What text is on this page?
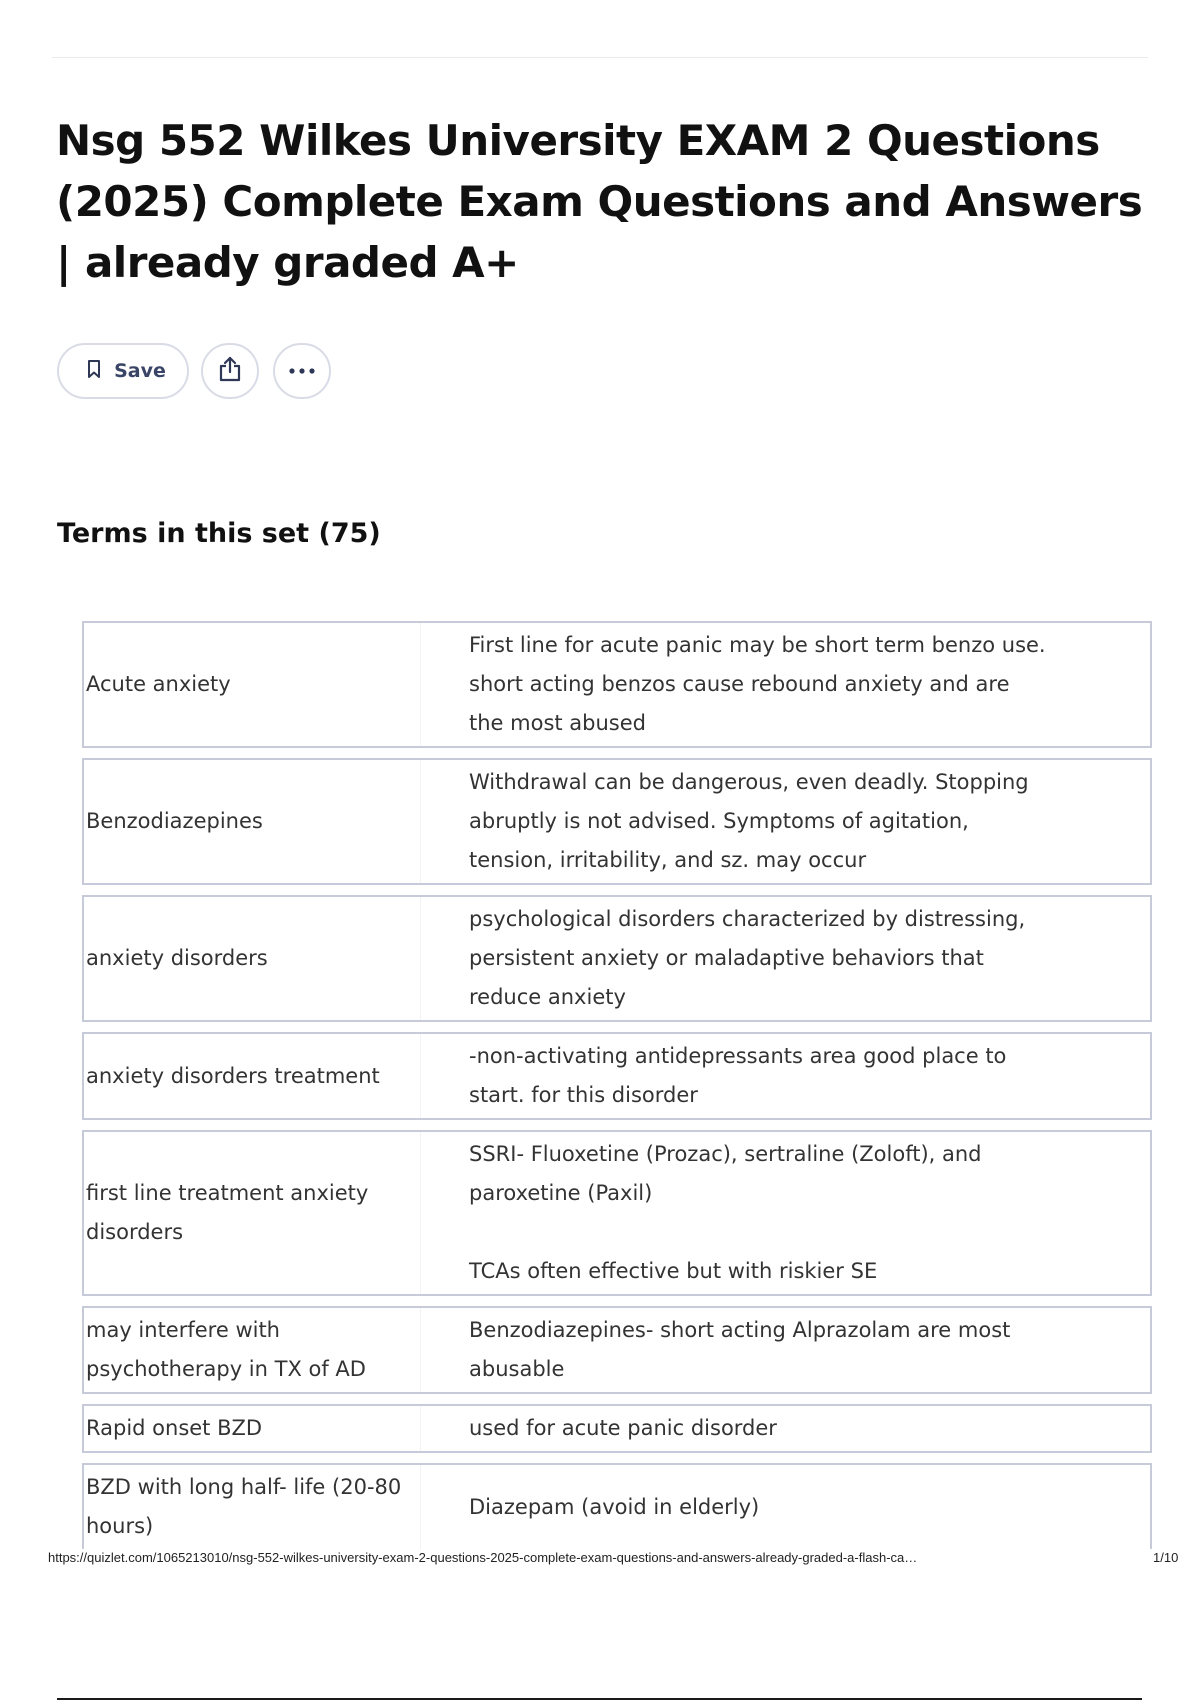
Nsg 552 Wilkes University EXAM 2 Questions (2025) Complete Exam Questions and Answers | already graded A+
Save
Terms in this set (75)
Acute anxiety	First line for acute panic may be short term benzo use.
short acting benzos cause rebound anxiety and are
the most abused

Benzodiazepines	Withdrawal can be dangerous, even deadly. Stopping
abruptly is not advised. Symptoms of agitation,
tension, irritability, and sz. may occur

anxiety disorders	psychological disorders characterized by distressing,
persistent anxiety or maladaptive behaviors that
reduce anxiety

anxiety disorders treatment	-non-activating antidepressants area good place to
start. for this disorder

first line treatment anxiety disorders	SSRI- Fluoxetine (Prozac), sertraline (Zoloft), and
paroxetine (Paxil)

TCAs often effective but with riskier SE

may interfere with psychotherapy in TX of AD	Benzodiazepines- short acting Alprazolam are most
abusable

Rapid onset BZD	used for acute panic disorder

BZD with long half- life (20-80 hours)	Diazepam (avoid in elderly)
https://quizlet.com/1065213010/nsg-552-wilkes-university-exam-2-questions-2025-complete-exam-questions-and-answers-already-graded-a-flash-ca…	1/10
